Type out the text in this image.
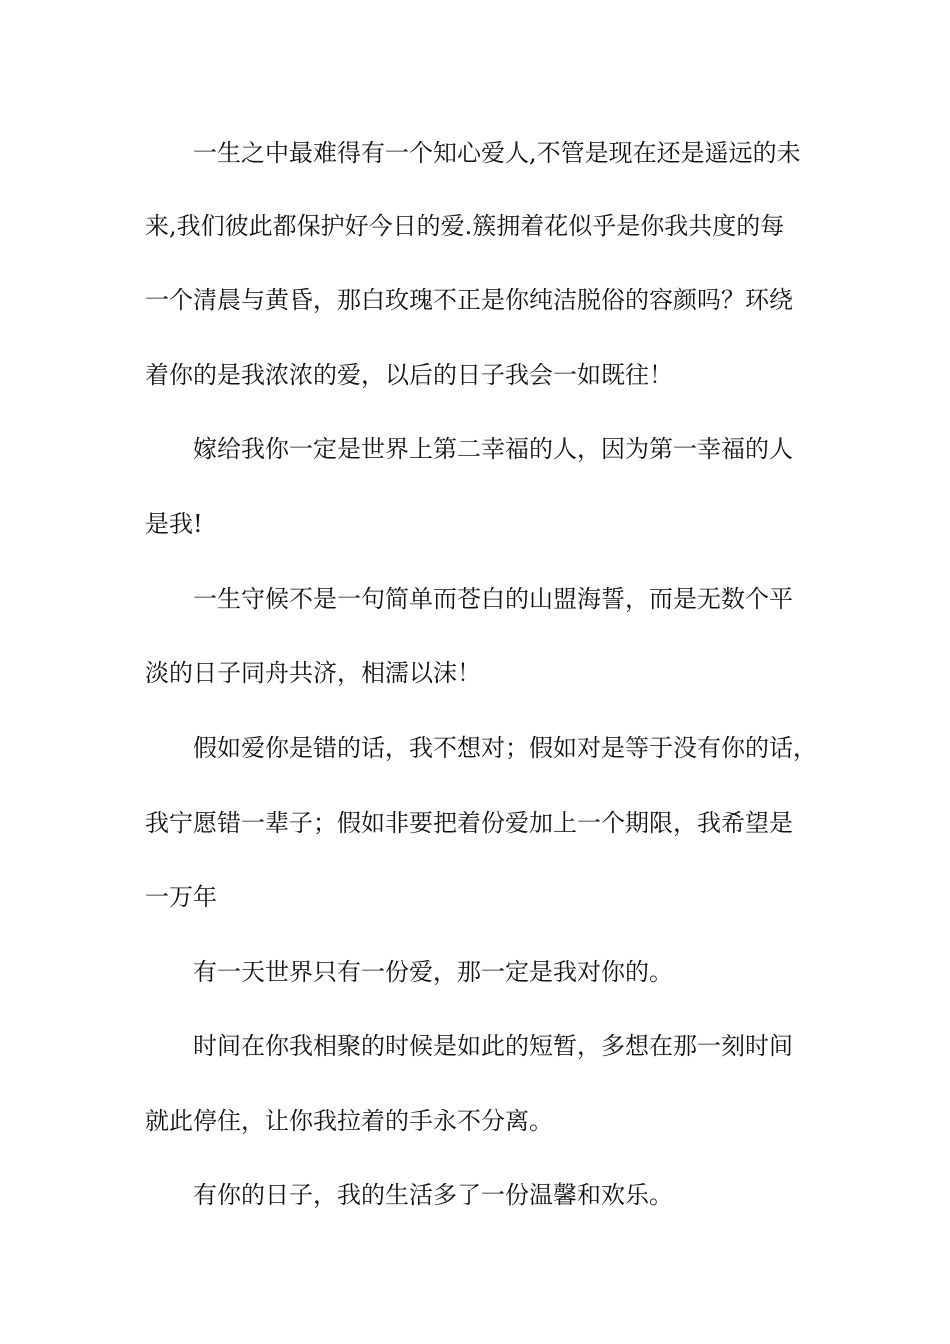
一生之中最难得有一个知心爱人,不管是现在还是遥远的未
来,我们彼此都保护好今日的爱.簇拥着花似乎是你我共度的每
一个清晨与黄昏，那白玫瑰不正是你纯洁脱俗的容颜吗？环绕
着你的是我浓浓的爱，以后的日子我会一如既往！
嫁给我你一定是世界上第二幸福的人，因为第一幸福的人
是我!
一生守候不是一句简单而苍白的山盟海誓，而是无数个平
淡的日子同舟共济，相濡以沫！
假如爱你是错的话，我不想对；假如对是等于没有你的话，
我宁愿错一辈子；假如非要把着份爱加上一个期限，我希望是
一万年
有一天世界只有一份爱，那一定是我对你的。
时间在你我相聚的时候是如此的短暂，多想在那一刻时间
就此停住，让你我拉着的手永不分离。
有你的日子，我的生活多了一份温馨和欢乐。
